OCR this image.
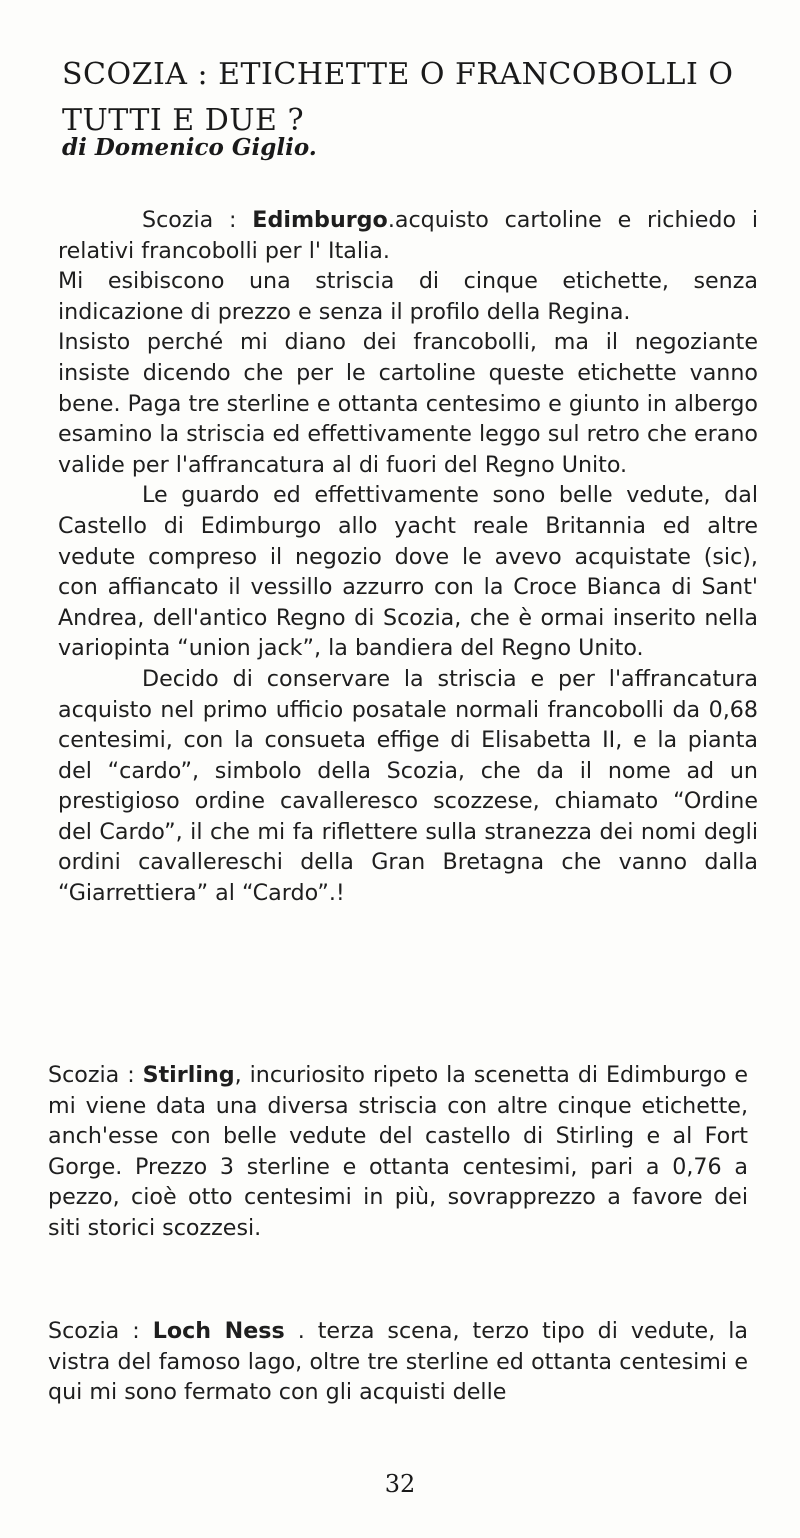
SCOZIA : ETICHETTE O FRANCOBOLLI O
TUTTI E DUE ?
di Domenico Giglio.

Scozia : Edimburgo.acquisto cartoline e richiedo i relativi francobolli per l' Italia.

Mi esibiscono una striscia di cinque etichette, senza indicazione di prezzo e senza il profilo della Regina.

Insisto perché mi diano dei francobolli, ma il negoziante insiste dicendo che per le cartoline queste etichette vanno bene. Paga tre sterline e ottanta centesimo e giunto in albergo esamino la striscia ed effettivamente leggo sul retro che erano valide per l'affrancatura al di fuori del Regno Unito.

Le guardo ed effettivamente sono belle vedute, dal Castello di Edimburgo allo yacht reale Britannia ed altre vedute compreso il negozio dove le avevo acquistate (sic), con affiancato il vessillo azzurro con la Croce Bianca di Sant' Andrea, dell'antico Regno di Scozia, che è ormai inserito nella variopinta “union jack”, la bandiera del Regno Unito.

Decido di conservare la striscia e per l'affrancatura acquisto nel primo ufficio posatale normali francobolli da 0,68 centesimi, con la consueta effige di Elisabetta II, e la pianta del “cardo”, simbolo della Scozia, che da il nome ad un prestigioso ordine cavalleresco scozzese, chiamato “Ordine del Cardo”, il che mi fa riflettere sulla stranezza dei nomi degli ordini cavallereschi della Gran Bretagna che vanno dalla “Giarrettiera” al “Cardo”.!

Scozia : Stirling, incuriosito ripeto la scenetta di Edimburgo e mi viene data una diversa striscia con altre cinque etichette, anch'esse con belle vedute del castello di Stirling e al Fort Gorge. Prezzo 3 sterline e ottanta centesimi, pari a 0,76 a pezzo, cioè otto centesimi in più, sovrapprezzo a favore dei siti storici scozzesi.

Scozia : Loch Ness . terza scena, terzo tipo di vedute, la vistra del famoso lago, oltre tre sterline ed ottanta centesimi e qui mi sono fermato con gli acquisti delle

32
